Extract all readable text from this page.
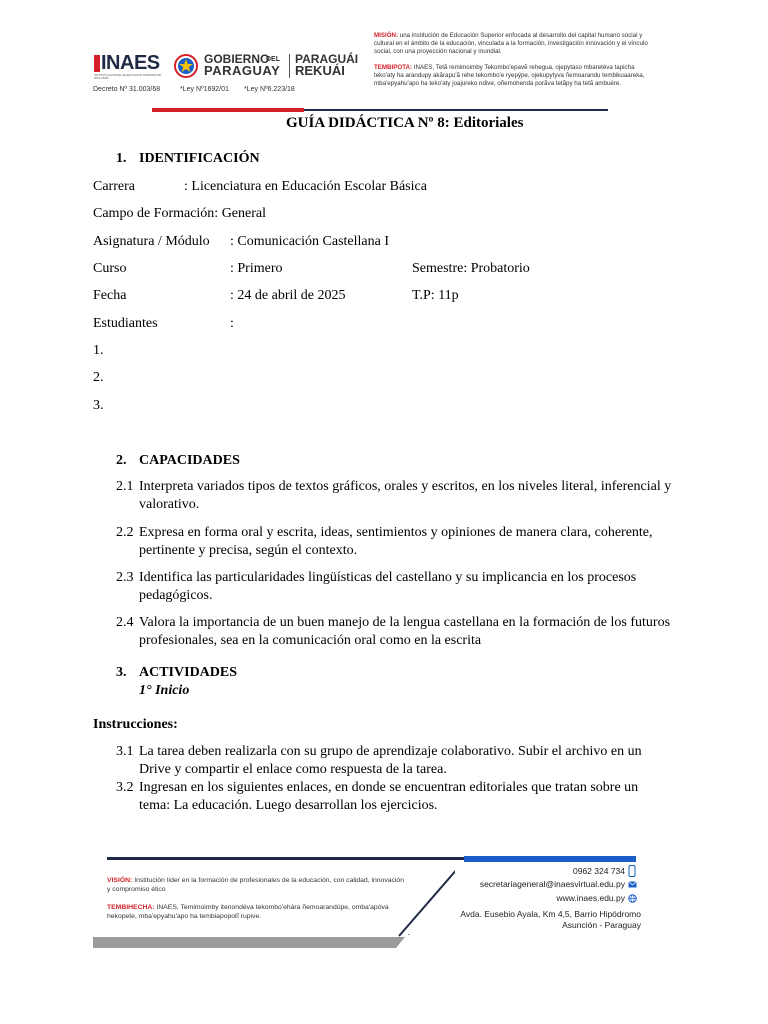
INAES
INSTITUTO NACIONAL DE EDUCACIÓN SUPERIOR DR. RAUL PEÑA
GOBIERNO
DEL
PARAGUAY
PARAGUÁI
REKUÁI
Decreto Nº 31.003/68	*Ley Nº1692/01 *Ley Nº6.223/18
MISIÓN: una institución de Educación Superior enfocada al desarrollo del capital humano social y cultural en el ámbito de la educación, vinculada a la formación, investigación innovación y el vínculo social, con una proyección nacional y mundial.
TEMBIPOTA: INAES, Tetã remimoimby Tekombo'epavẽ rehegua, ojepytaso mbaretéva tapicha teko'aty ha arandupy akãrapu'ã rehe tekombo'e ryepýpe, ojekupytyva ñemoarandu tembikuaareka, mba'epyahu'apo ha teko'aty joajureko ndive, oñemohenda porãva tetãpy ha tetã ambuére.
GUÍA DIDÁCTICA Nº 8: Editoriales
1. IDENTIFICACIÓN
Carrera	: Licenciatura en Educación Escolar Básica
Campo de Formación: General
Asignatura / Módulo : Comunicación Castellana I
Curso	: Primero	Semestre: Probatorio
Fecha	: 24 de abril de 2025	T.P: 11p
Estudiantes	:
1.
2.
3.
2. CAPACIDADES
2.1 Interpreta variados tipos de textos gráficos, orales y escritos, en los niveles literal, inferencial y valorativo.
2.2 Expresa en forma oral y escrita, ideas, sentimientos y opiniones de manera clara, coherente, pertinente y precisa, según el contexto.
2.3 Identifica las particularidades lingüísticas del castellano y su implicancia en los procesos pedagógicos.
2.4 Valora la importancia de un buen manejo de la lengua castellana en la formación de los futuros profesionales, sea en la comunicación oral como en la escrita
3. ACTIVIDADES
1° Inicio
Instrucciones:
3.1 La tarea deben realizarla con su grupo de aprendizaje colaborativo. Subir el archivo en un Drive y compartir el enlace como respuesta de la tarea.
3.2 Ingresan en los siguientes enlaces, en donde se encuentran editoriales que tratan sobre un tema: La educación. Luego desarrollan los ejercicios.
VISIÓN: Institución líder en la formación de profesionales de la educación, con calidad, innovación y compromiso ético
TEMBIHECHA: INAES, Temimoimby itenondéva tekombo'ehára ñemoarandúpe, omba'apóva hekopete, mba'epyahu'apo ha tembiapopotĩ rupive.
0962 324 734
secretariageneral@inaesvirtual.edu.py
www.inaes.edu.py
Avda. Eusebio Ayala, Km 4,5, Barrio Hipódromo
Asunción - Paraguay
